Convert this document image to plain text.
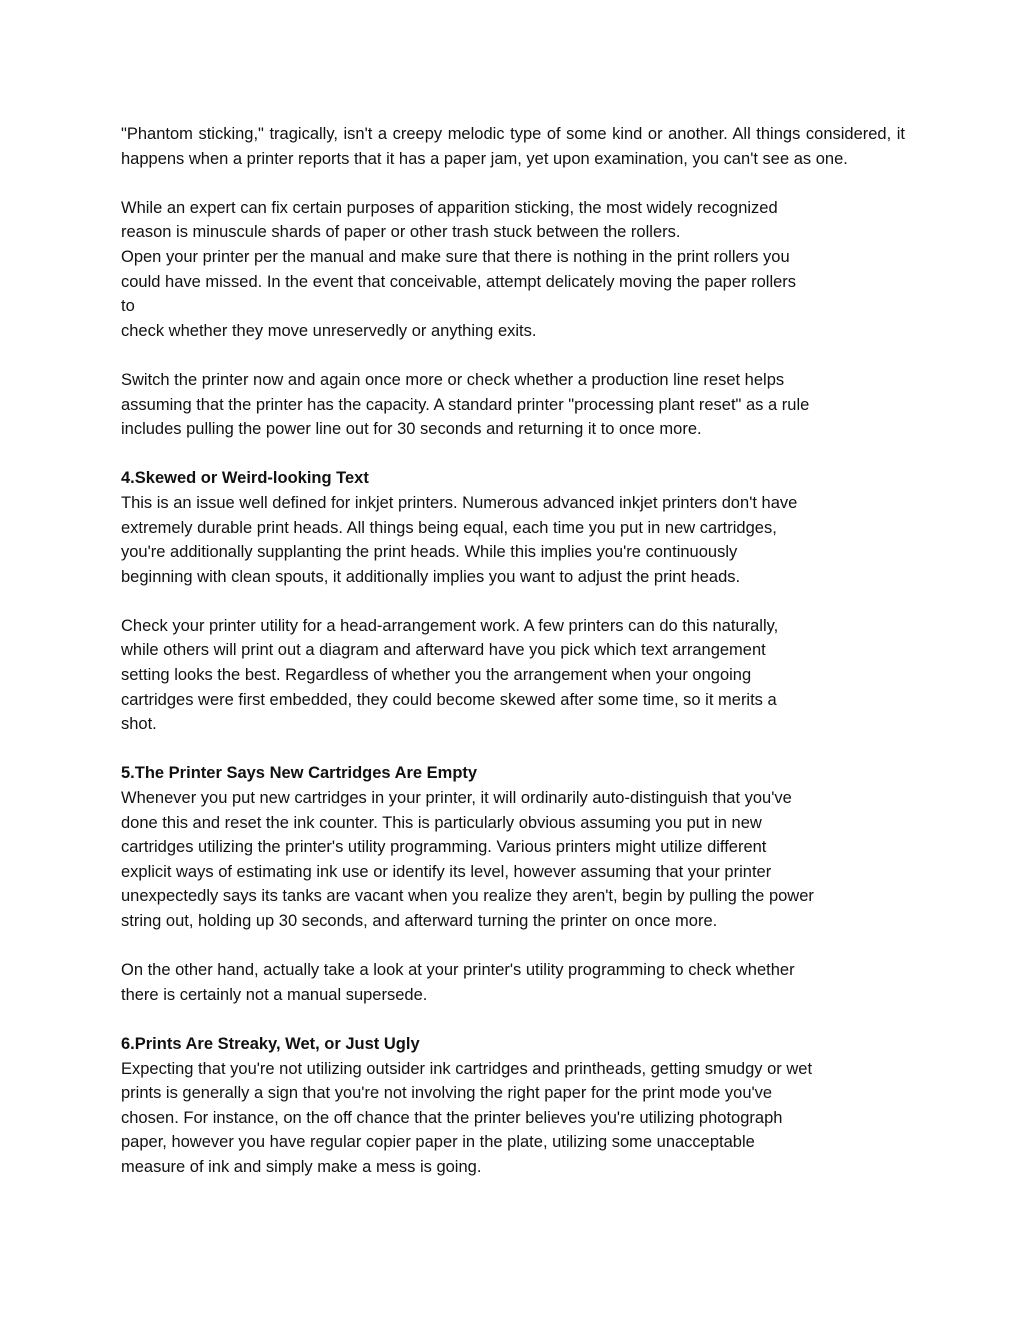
"Phantom sticking," tragically, isn't a creepy melodic type of some kind or another. All things considered, it happens when a printer reports that it has a paper jam, yet upon examination, you can't see as one.

While an expert can fix certain purposes of apparition sticking, the most widely recognized
reason is minuscule shards of paper or other trash stuck between the rollers.
Open your printer per the manual and make sure that there is nothing in the print rollers you
could have missed. In the event that conceivable, attempt delicately moving the paper rollers
to
check whether they move unreservedly or anything exits.

Switch the printer now and again once more or check whether a production line reset helps
assuming that the printer has the capacity. A standard printer "processing plant reset" as a rule
includes pulling the power line out for 30 seconds and returning it to once more.

4.Skewed or Weird-looking Text
This is an issue well defined for inkjet printers. Numerous advanced inkjet printers don't have
extremely durable print heads. All things being equal, each time you put in new cartridges,
you're additionally supplanting the print heads. While this implies you're continuously
beginning with clean spouts, it additionally implies you want to adjust the print heads.

Check your printer utility for a head-arrangement work. A few printers can do this naturally,
while others will print out a diagram and afterward have you pick which text arrangement
setting looks the best. Regardless of whether you the arrangement when your ongoing
cartridges were first embedded, they could become skewed after some time, so it merits a
shot.

5.The Printer Says New Cartridges Are Empty
Whenever you put new cartridges in your printer, it will ordinarily auto-distinguish that you've
done this and reset the ink counter. This is particularly obvious assuming you put in new
cartridges utilizing the printer's utility programming. Various printers might utilize different
explicit ways of estimating ink use or identify its level, however assuming that your printer
unexpectedly says its tanks are vacant when you realize they aren't, begin by pulling the power
string out, holding up 30 seconds, and afterward turning the printer on once more.

On the other hand, actually take a look at your printer's utility programming to check whether
there is certainly not a manual supersede.

6.Prints Are Streaky, Wet, or Just Ugly
Expecting that you're not utilizing outsider ink cartridges and printheads, getting smudgy or wet
prints is generally a sign that you're not involving the right paper for the print mode you've
chosen. For instance, on the off chance that the printer believes you're utilizing photograph
paper, however you have regular copier paper in the plate, utilizing some unacceptable
measure of ink and simply make a mess is going.
